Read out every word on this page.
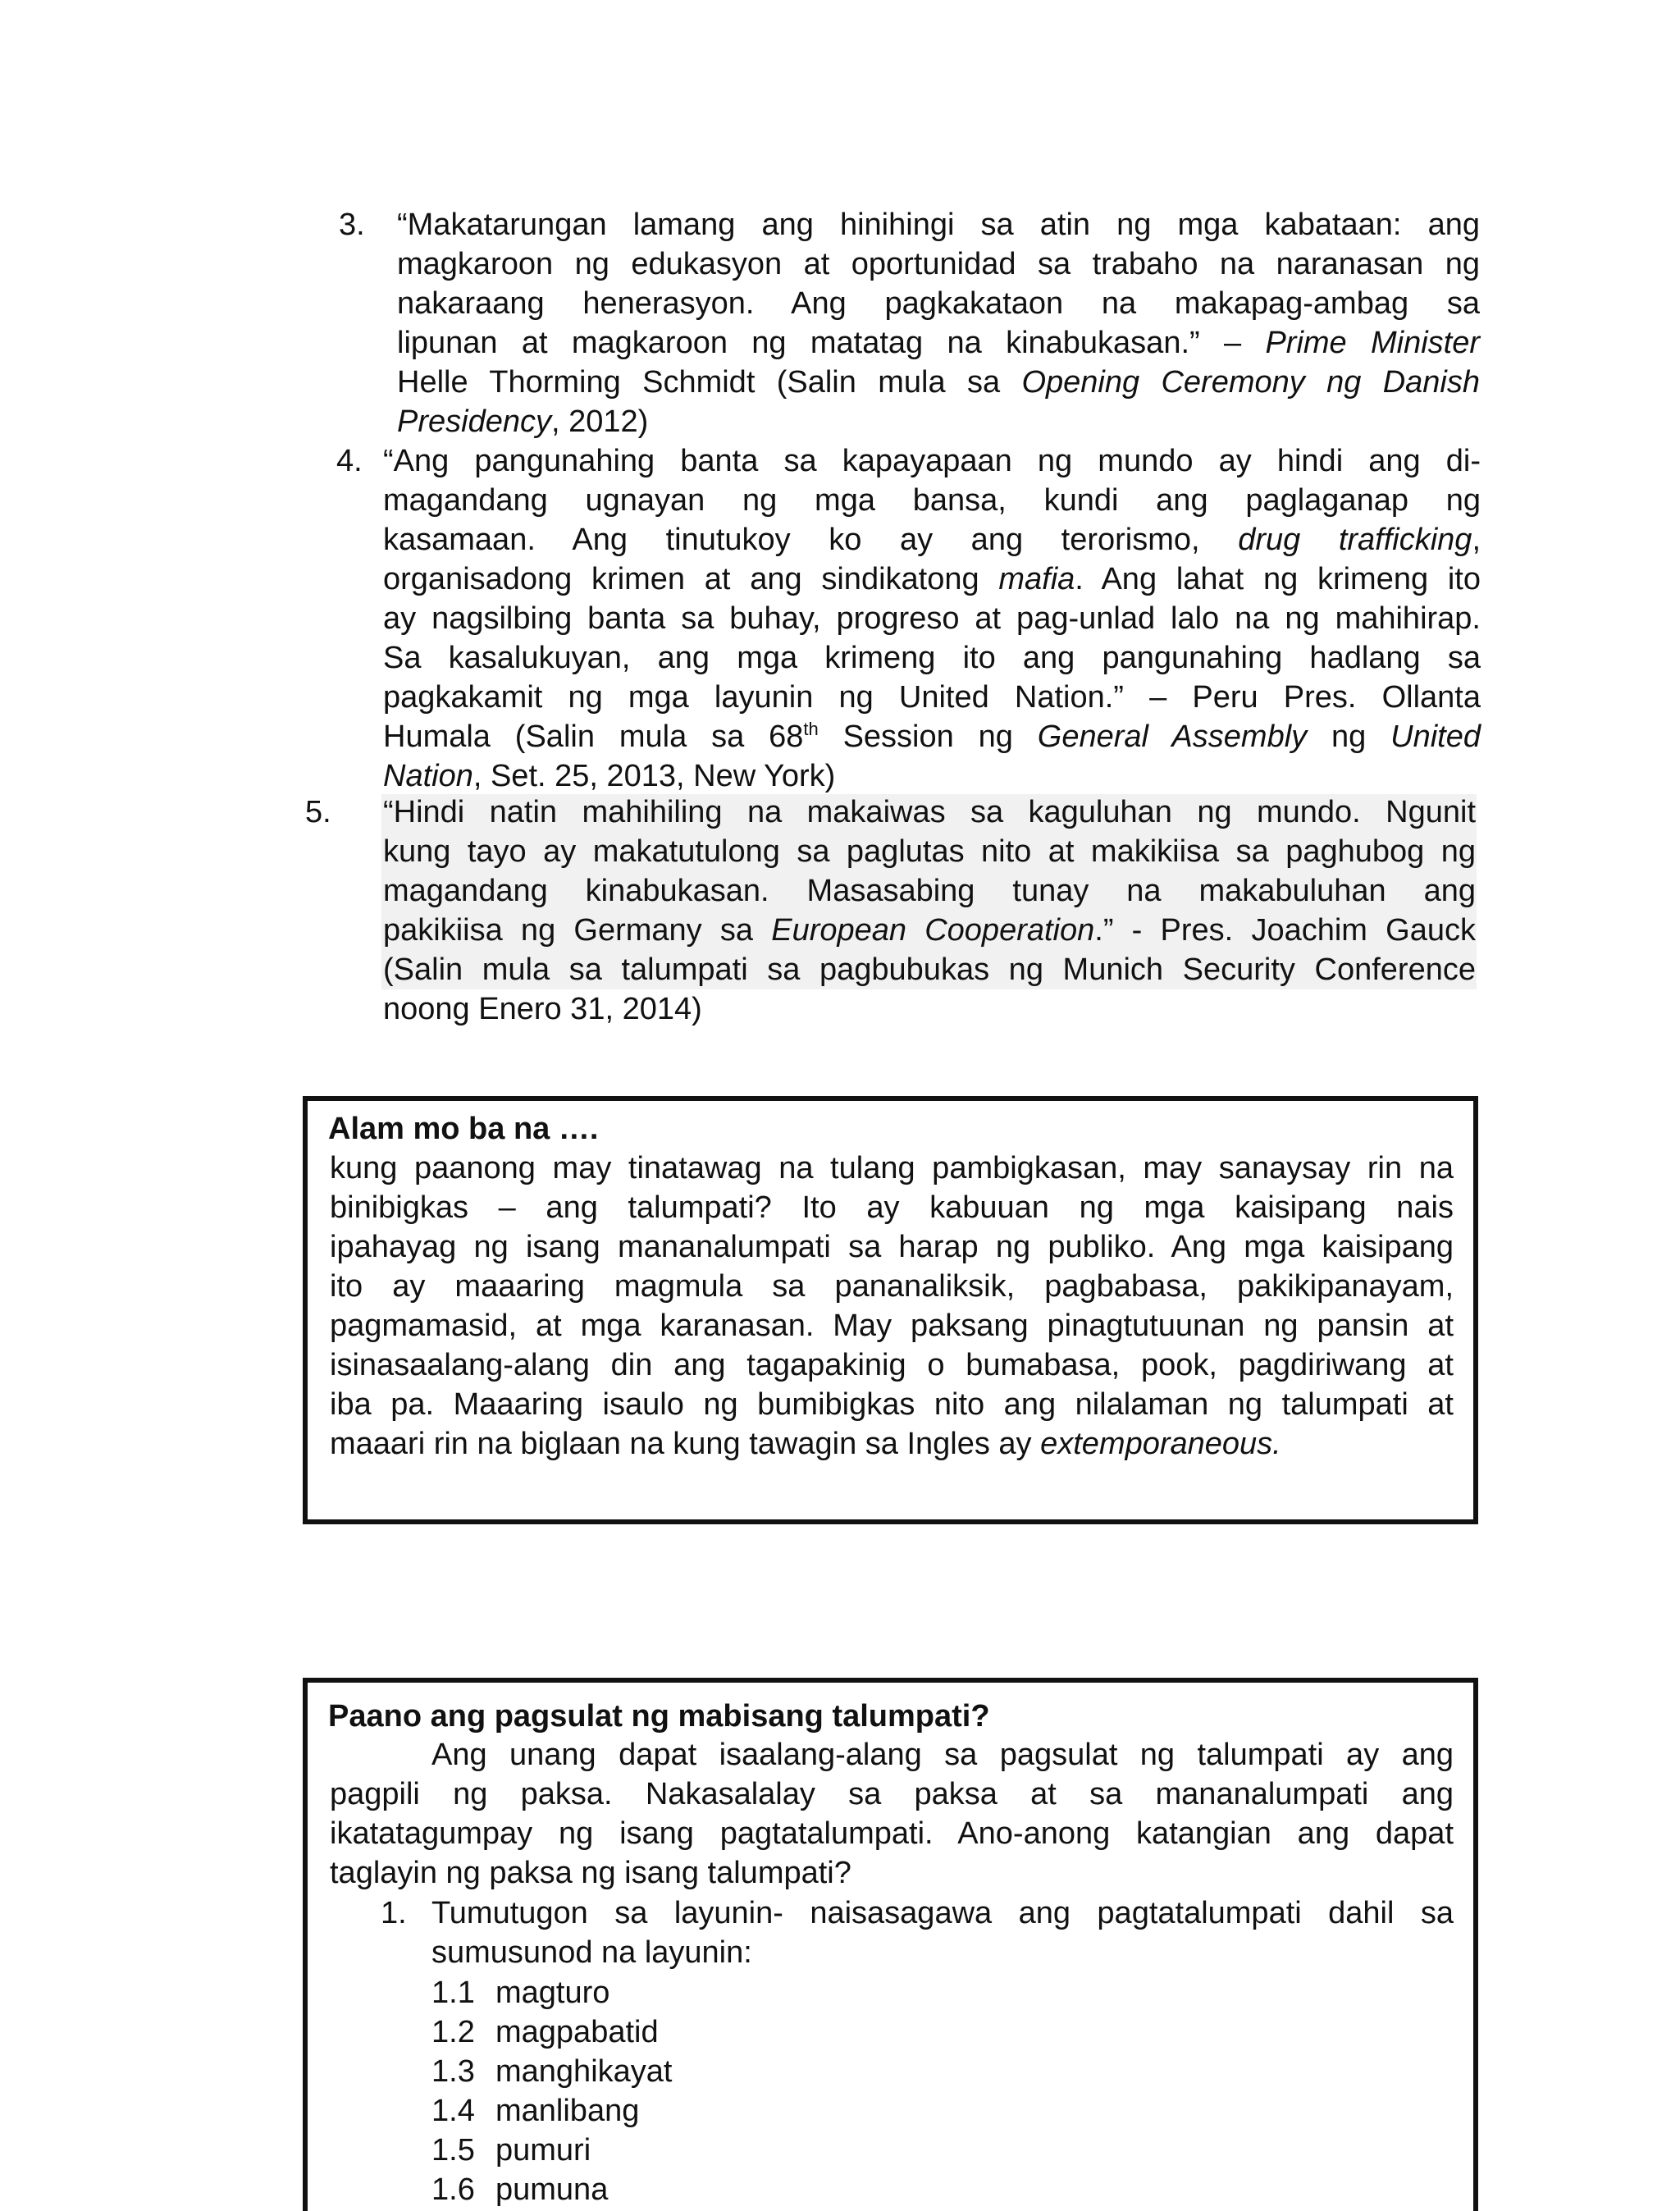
3. “Makatarungan lamang ang hinihingi sa atin ng mga kabataan: ang
magkaroon ng edukasyon at oportunidad sa trabaho na naranasan ng
nakaraang henerasyon. Ang pagkakataon na makapag-ambag sa
lipunan at magkaroon ng matatag na kinabukasan.” – Prime Minister
Helle Thorming Schmidt (Salin mula sa Opening Ceremony ng Danish
Presidency, 2012)
4. “Ang pangunahing banta sa kapayapaan ng mundo ay hindi ang di-
magandang ugnayan ng mga bansa, kundi ang paglaganap ng
kasamaan. Ang tinutukoy ko ay ang terorismo, drug trafficking,
organisadong krimen at ang sindikatong mafia. Ang lahat ng krimeng ito
ay nagsilbing banta sa buhay, progreso at pag-unlad lalo na ng mahihirap.
Sa kasalukuyan, ang mga krimeng ito ang pangunahing hadlang sa
pagkakamit ng mga layunin ng United Nation.” – Peru Pres. Ollanta
Humala (Salin mula sa 68th Session ng General Assembly ng United
Nation, Set. 25, 2013, New York)
5. “Hindi natin mahihiling na makaiwas sa kaguluhan ng mundo. Ngunit
kung tayo ay makatutulong sa paglutas nito at makikiisa sa paghubog ng
magandang kinabukasan. Masasabing tunay na makabuluhan ang
pakikiisa ng Germany sa European Cooperation.” - Pres. Joachim Gauck
(Salin mula sa talumpati sa pagbubukas ng Munich Security Conference
noong Enero 31, 2014)
Alam mo ba na ….
kung paanong may tinatawag na tulang pambigkasan, may sanaysay rin na
binibigkas – ang talumpati? Ito ay kabuuan ng mga kaisipang nais
ipahayag ng isang mananalumpati sa harap ng publiko. Ang mga kaisipang
ito ay maaaring magmula sa pananaliksik, pagbabasa, pakikipanayam,
pagmamasid, at mga karanasan. May paksang pinagtutuunan ng pansin at
isinasaalang-alang din ang tagapakinig o bumabasa, pook, pagdiriwang at
iba pa. Maaaring isaulo ng bumibigkas nito ang nilalaman ng talumpati at
maaari rin na biglaan na kung tawagin sa Ingles ay extemporaneous.
Paano ang pagsulat ng mabisang talumpati?
Ang unang dapat isaalang-alang sa pagsulat ng talumpati ay ang
pagpili ng paksa. Nakasalalay sa paksa at sa mananalumpati ang
ikatatagumpay ng isang pagtatalumpati. Ano-anong katangian ang dapat
taglayin ng paksa ng isang talumpati?
1. Tumutugon sa layunin- naisasagawa ang pagtatalumpati dahil sa
sumusunod na layunin:
1.1 magturo
1.2 magpabatid
1.3 manghikayat
1.4 manlibang
1.5 pumuri
1.6 pumuna
